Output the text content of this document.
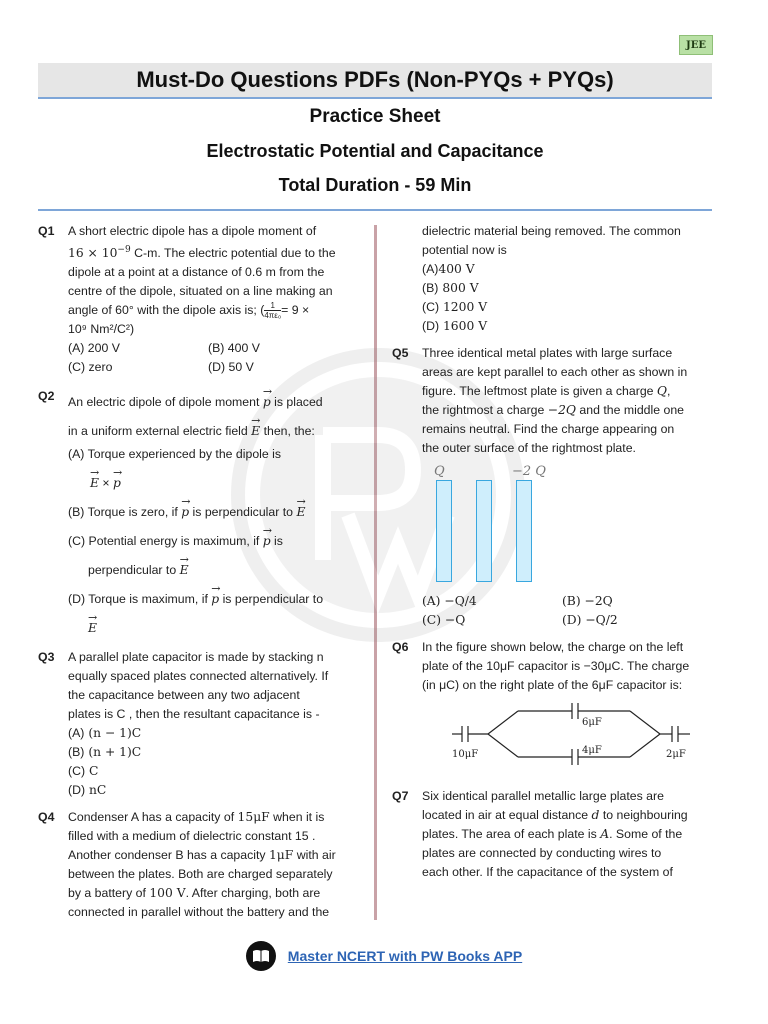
JEE
Must-Do Questions PDFs (Non-PYQs + PYQs)
Practice Sheet
Electrostatic Potential and Capacitance
Total Duration - 59 Min
Q1 A short electric dipole has a dipole moment of
$16 \times 10^{-9}$ C-m. The electric potential due to the
dipole at a point at a distance of 0.6 m from the
centre of the dipole, situated on a line making an
angle of 60° with the dipole axis is; ( $\frac{1}{\text{4πε₀}} = 9$ ×
10⁹ Nm²/C²)
(A) 200 V	(B) 400 V
(C) zero	(D) 50 V
Q2 An electric dipole of dipole moment → p is placed
in a uniform external electric field → E then, the:
(A) Torque experienced by the dipole is
→ E × → p
(B) Torque is zero, if → p is perpendicular to → E
(C) Potential energy is maximum, if → p is
perpendicular to → E
(D) Torque is maximum, if → p is perpendicular to
→ E
Q3 A parallel plate capacitor is made by stacking n
equally spaced plates connected alternatively. If
the capacitance between any two adjacent
plates is C , then the resultant capacitance is -
(A) (n − 1)C
(B) (n + 1)C
(C) C
(D) nC
Q4 Condenser A has a capacity of 15μF when it is
filled with a medium of dielectric constant 15 .
Another condenser B has a capacity 1μF with air
between the plates. Both are charged separately
by a battery of 100 V. After charging, both are
connected in parallel without the battery and the
dielectric material being removed. The common
potential now is
(A)400 V
(B) 800 V
(C) 1200 V
(D) 1600 V
Q5 Three identical metal plates with large surface
areas are kept parallel to each other as shown in
figure. The leftmost plate is given a charge Q,
the rightmost a charge −2Q and the middle one
remains neutral. Find the charge appearing on
the outer surface of the rightmost plate.
Q	−2 Q
(A) −Q/4	(B) −2Q
(C) −Q	(D) −Q/2
Q6 In the figure shown below, the charge on the left
plate of the 10μF capacitor is −30μC. The charge
(in μC) on the right plate of the 6μF capacitor is:
6μF
4μF
10μF	2μF
Q7 Six identical parallel metallic large plates are
located in air at equal distance d to neighbouring
plates. The area of each plate is A. Some of the
plates are connected by conducting wires to
each other. If the capacitance of the system of
Master NCERT with PW Books APP
